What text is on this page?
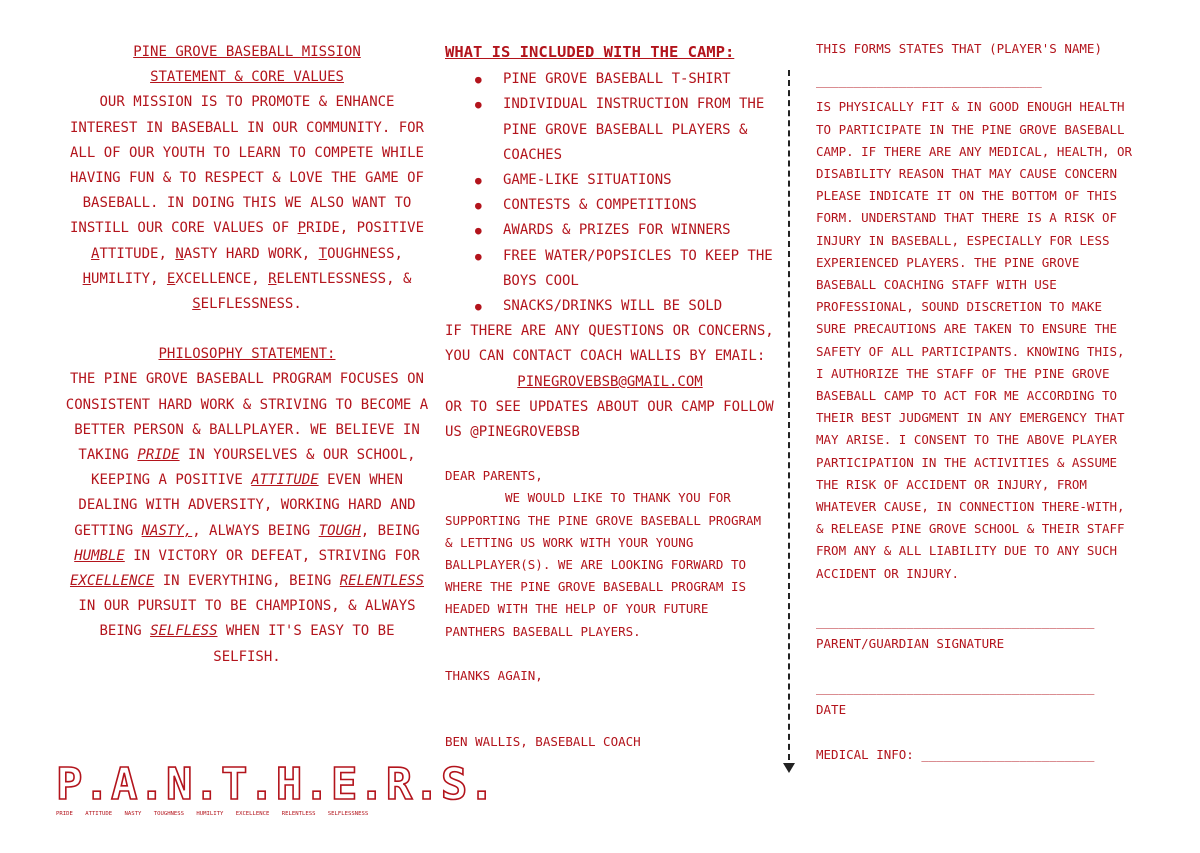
PINE GROVE BASEBALL MISSION

STATEMENT & CORE VALUES

OUR MISSION IS TO PROMOTE & ENHANCE INTEREST IN BASEBALL IN OUR COMMUNITY. FOR ALL OF OUR YOUTH TO LEARN TO COMPETE WHILE HAVING FUN & TO RESPECT & LOVE THE GAME OF BASEBALL. IN DOING THIS WE ALSO WANT TO INSTILL OUR CORE VALUES OF PRIDE, POSITIVE ATTITUDE, NASTY HARD WORK, TOUGHNESS, HUMILITY, EXCELLENCE, RELENTLESSNESS, & SELFLESSNESS.

PHILOSOPHY STATEMENT:

THE PINE GROVE BASEBALL PROGRAM FOCUSES ON CONSISTENT HARD WORK & STRIVING TO BECOME A BETTER PERSON & BALLPLAYER. WE BELIEVE IN TAKING PRIDE IN YOURSELVES & OUR SCHOOL, KEEPING A POSITIVE ATTITUDE EVEN WHEN DEALING WITH ADVERSITY, WORKING HARD AND GETTING NASTY,, ALWAYS BEING TOUGH, BEING HUMBLE IN VICTORY OR DEFEAT, STRIVING FOR EXCELLENCE IN EVERYTHING, BEING RELENTLESS IN OUR PURSUIT TO BE CHAMPIONS, & ALWAYS BEING SELFLESS WHEN IT'S EASY TO BE SELFISH.

P.A.N.T.H.E.R.S.
PRIDE ATTITUDE NASTY TOUGHNESS HUMILITY EXCELLENCE RELENTLESS SELFLESSNESS

WHAT IS INCLUDED WITH THE CAMP:

● PINE GROVE BASEBALL T-SHIRT
● INDIVIDUAL INSTRUCTION FROM THE PINE GROVE BASEBALL PLAYERS & COACHES
● GAME-LIKE SITUATIONS
● CONTESTS & COMPETITIONS
● AWARDS & PRIZES FOR WINNERS
● FREE WATER/POPSICLES TO KEEP THE BOYS COOL
● SNACKS/DRINKS WILL BE SOLD

IF THERE ARE ANY QUESTIONS OR CONCERNS, YOU CAN CONTACT COACH WALLIS BY EMAIL:

PINEGROVEBSB@GMAIL.COM

OR TO SEE UPDATES ABOUT OUR CAMP FOLLOW US @PINEGROVEBSB

DEAR PARENTS,

WE WOULD LIKE TO THANK YOU FOR SUPPORTING THE PINE GROVE BASEBALL PROGRAM & LETTING US WORK WITH YOUR YOUNG BALLPLAYER(S). WE ARE LOOKING FORWARD TO WHERE THE PINE GROVE BASEBALL PROGRAM IS HEADED WITH THE HELP OF YOUR FUTURE PANTHERS BASEBALL PLAYERS.

THANKS AGAIN,

BEN WALLIS, BASEBALL COACH

THIS FORMS STATES THAT (PLAYER'S NAME)

______________________________

IS PHYSICALLY FIT & IN GOOD ENOUGH HEALTH TO PARTICIPATE IN THE PINE GROVE BASEBALL CAMP. IF THERE ARE ANY MEDICAL, HEALTH, OR DISABILITY REASON THAT MAY CAUSE CONCERN PLEASE INDICATE IT ON THE BOTTOM OF THIS FORM. UNDERSTAND THAT THERE IS A RISK OF INJURY IN BASEBALL, ESPECIALLY FOR LESS EXPERIENCED PLAYERS. THE PINE GROVE BASEBALL COACHING STAFF WITH USE PROFESSIONAL, SOUND DISCRETION TO MAKE SURE PRECAUTIONS ARE TAKEN TO ENSURE THE SAFETY OF ALL PARTICIPANTS. KNOWING THIS, I AUTHORIZE THE STAFF OF THE PINE GROVE BASEBALL CAMP TO ACT FOR ME ACCORDING TO THEIR BEST JUDGMENT IN ANY EMERGENCY THAT MAY ARISE. I CONSENT TO THE ABOVE PLAYER PARTICIPATION IN THE ACTIVITIES & ASSUME THE RISK OF ACCIDENT OR INJURY, FROM WHATEVER CAUSE, IN CONNECTION THERE-WITH, & RELEASE PINE GROVE SCHOOL & THEIR STAFF FROM ANY & ALL LIABILITY DUE TO ANY SUCH ACCIDENT OR INJURY.

_____________________________________

PARENT/GUARDIAN SIGNATURE

_____________________________________

DATE

MEDICAL INFO: _______________________
